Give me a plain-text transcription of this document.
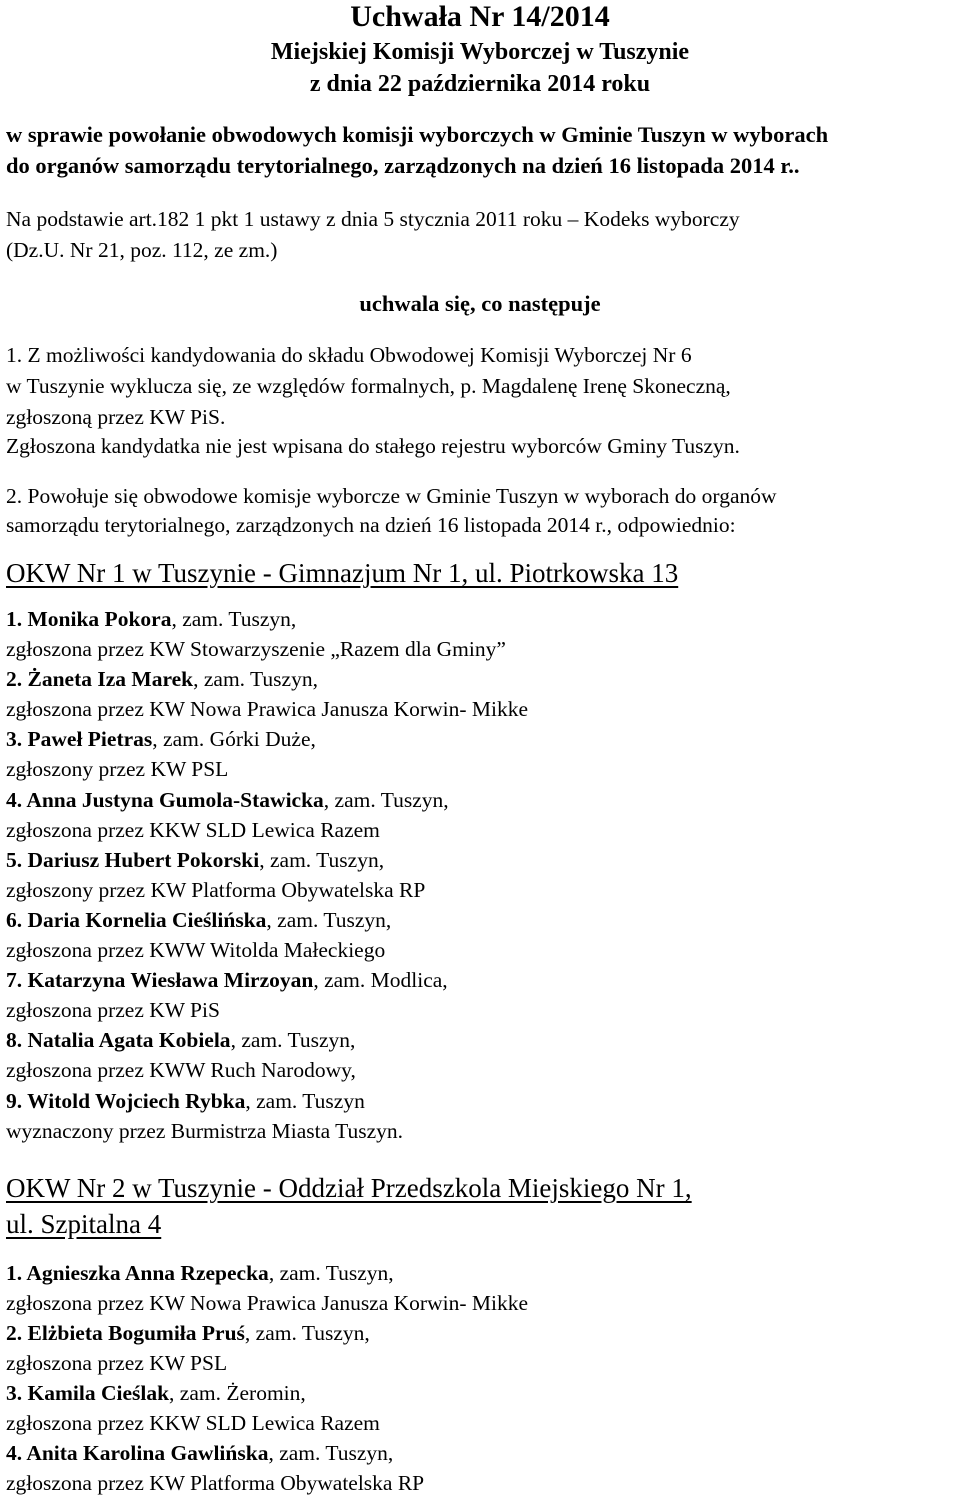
Uchwała Nr 14/2014
Miejskiej Komisji Wyborczej w Tuszynie
z dnia 22 października 2014 roku
w sprawie powołanie obwodowych komisji wyborczych w Gminie Tuszyn w wyborach
do organów samorządu terytorialnego, zarządzonych na dzień 16 listopada 2014 r..
Na podstawie art.182 1 pkt 1 ustawy z dnia 5 stycznia 2011 roku – Kodeks wyborczy
(Dz.U. Nr 21, poz. 112, ze zm.)
uchwala się, co następuje
1. Z możliwości kandydowania do składu Obwodowej Komisji Wyborczej Nr 6
w Tuszynie wyklucza się, ze względów formalnych, p. Magdalenę Irenę Skoneczną,
zgłoszoną przez KW PiS.
Zgłoszona kandydatka nie jest wpisana do stałego rejestru wyborców Gminy Tuszyn.
2. Powołuje się obwodowe komisje wyborcze w Gminie Tuszyn w wyborach do organów
samorządu terytorialnego, zarządzonych na dzień 16 listopada 2014 r., odpowiednio:
OKW Nr 1 w Tuszynie - Gimnazjum Nr 1, ul. Piotrkowska 13
1. Monika Pokora, zam. Tuszyn,
zgłoszona przez KW Stowarzyszenie „Razem dla Gminy”
2. Żaneta Iza Marek, zam. Tuszyn,
zgłoszona przez KW Nowa Prawica Janusza Korwin- Mikke
3. Paweł Pietras, zam. Górki Duże,
zgłoszony przez KW PSL
4. Anna Justyna Gumola-Stawicka, zam. Tuszyn,
zgłoszona przez KKW SLD Lewica Razem
5. Dariusz Hubert Pokorski, zam. Tuszyn,
zgłoszony przez KW Platforma Obywatelska RP
6. Daria Kornelia Cieślińska, zam. Tuszyn,
zgłoszona przez KWW Witolda Małeckiego
7. Katarzyna Wiesława Mirzoyan, zam. Modlica,
zgłoszona przez KW PiS
8. Natalia Agata Kobiela, zam. Tuszyn,
zgłoszona przez KWW Ruch Narodowy,
9. Witold Wojciech Rybka, zam. Tuszyn
wyznaczony przez Burmistrza Miasta Tuszyn.
OKW Nr 2 w Tuszynie - Oddział Przedszkola Miejskiego Nr 1,
ul. Szpitalna 4
1. Agnieszka Anna Rzepecka, zam. Tuszyn,
zgłoszona przez KW Nowa Prawica Janusza Korwin- Mikke
2. Elżbieta Bogumiła Pruś, zam. Tuszyn,
zgłoszona przez KW PSL
3. Kamila Cieślak, zam. Żeromin,
zgłoszona przez KKW SLD Lewica Razem
4. Anita Karolina Gawlińska, zam. Tuszyn,
zgłoszona przez KW Platforma Obywatelska RP
